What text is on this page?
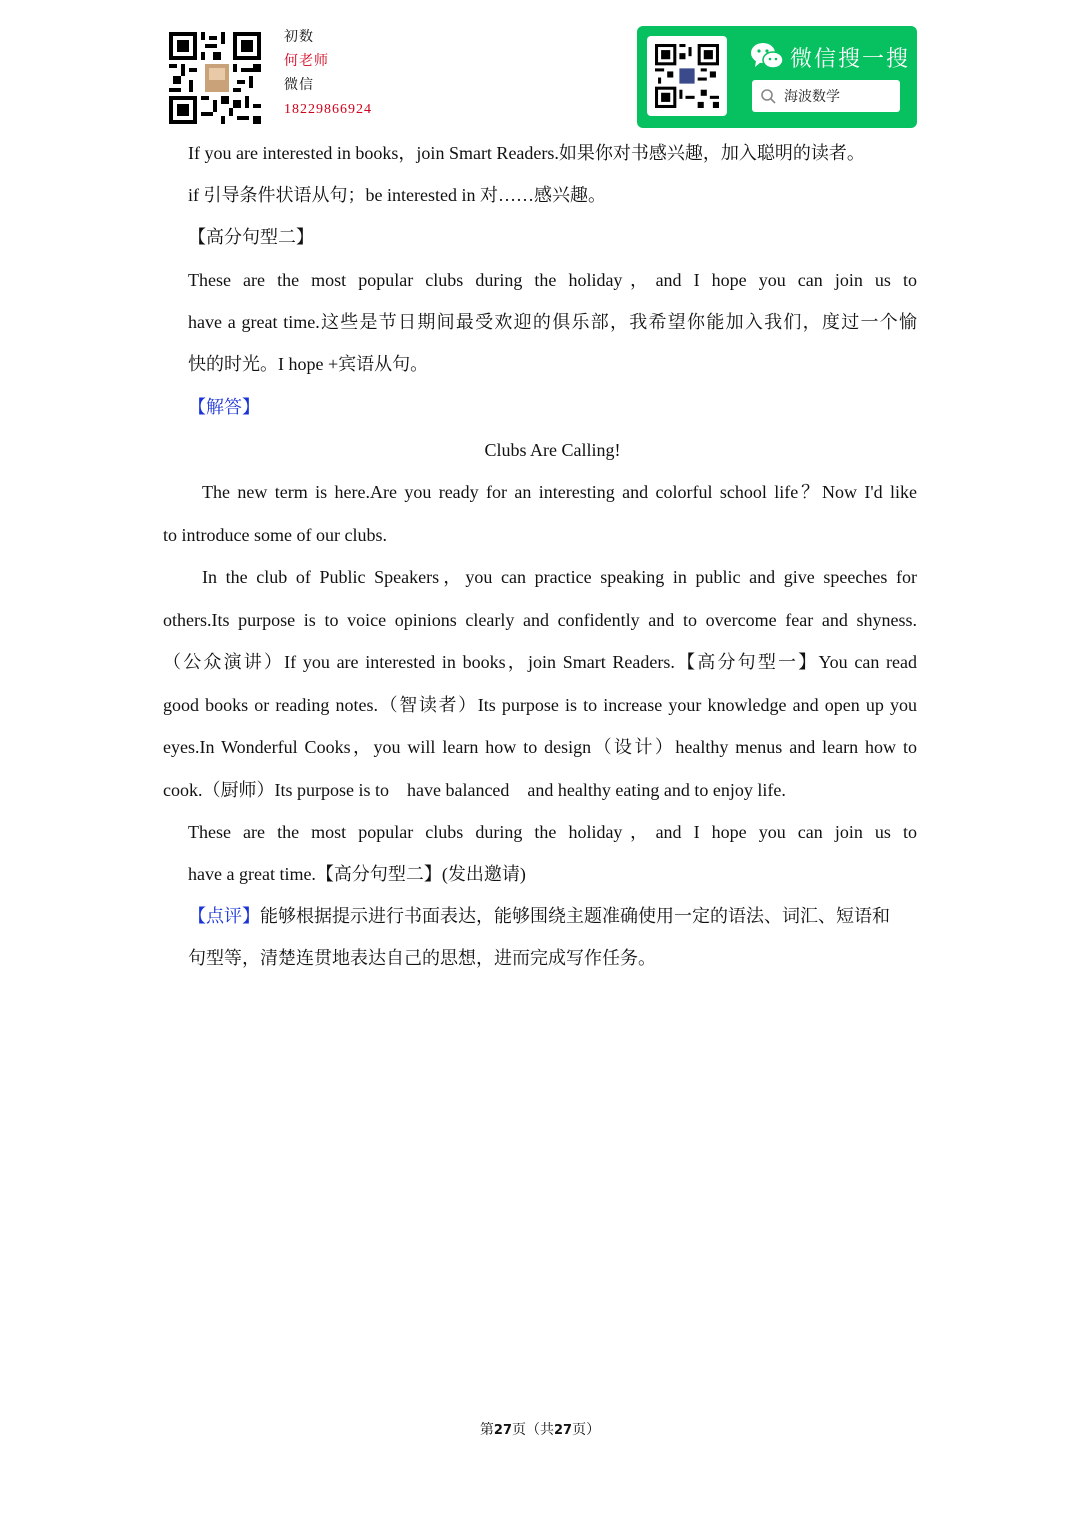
初数
何老师
微信
18229866924
微信搜一搜
海波数学
If you are interested in books，join Smart Readers.如果你对书感兴趣，加入聪明的读者。
if 引导条件状语从句；be interested in 对……感兴趣。
【高分句型二】
These are the most popular clubs during the holiday，and I hope you can join us to
have a great time.这些是节日期间最受欢迎的俱乐部，我希望你能加入我们，度过一个愉
快的时光。I hope +宾语从句。
【解答】
Clubs Are Calling!
The new term is here.Are you ready for an interesting and colorful school life？Now I'd like
to introduce some of our clubs.
In the club of Public Speakers，you can practice speaking in public and give speeches for
others.Its purpose is to voice opinions clearly and confidently and to overcome fear and shyness.
（公众演讲）If you are interested in books，join Smart Readers.【高分句型一】You can read
good books or reading notes.（智读者）Its purpose is to increase your knowledge and open up you
eyes.In Wonderful Cooks，you will learn how to design（设计）healthy menus and learn how to
cook.（厨师）Its purpose is to    have balanced    and healthy eating and to enjoy life.
These are the most popular clubs during the holiday，and I hope you can join us to
have a great time.【高分句型二】(发出邀请)
【点评】能够根据提示进行书面表达，能够围绕主题准确使用一定的语法、词汇、短语和
句型等，清楚连贯地表达自己的思想，进而完成写作任务。
第27页（共27页）
